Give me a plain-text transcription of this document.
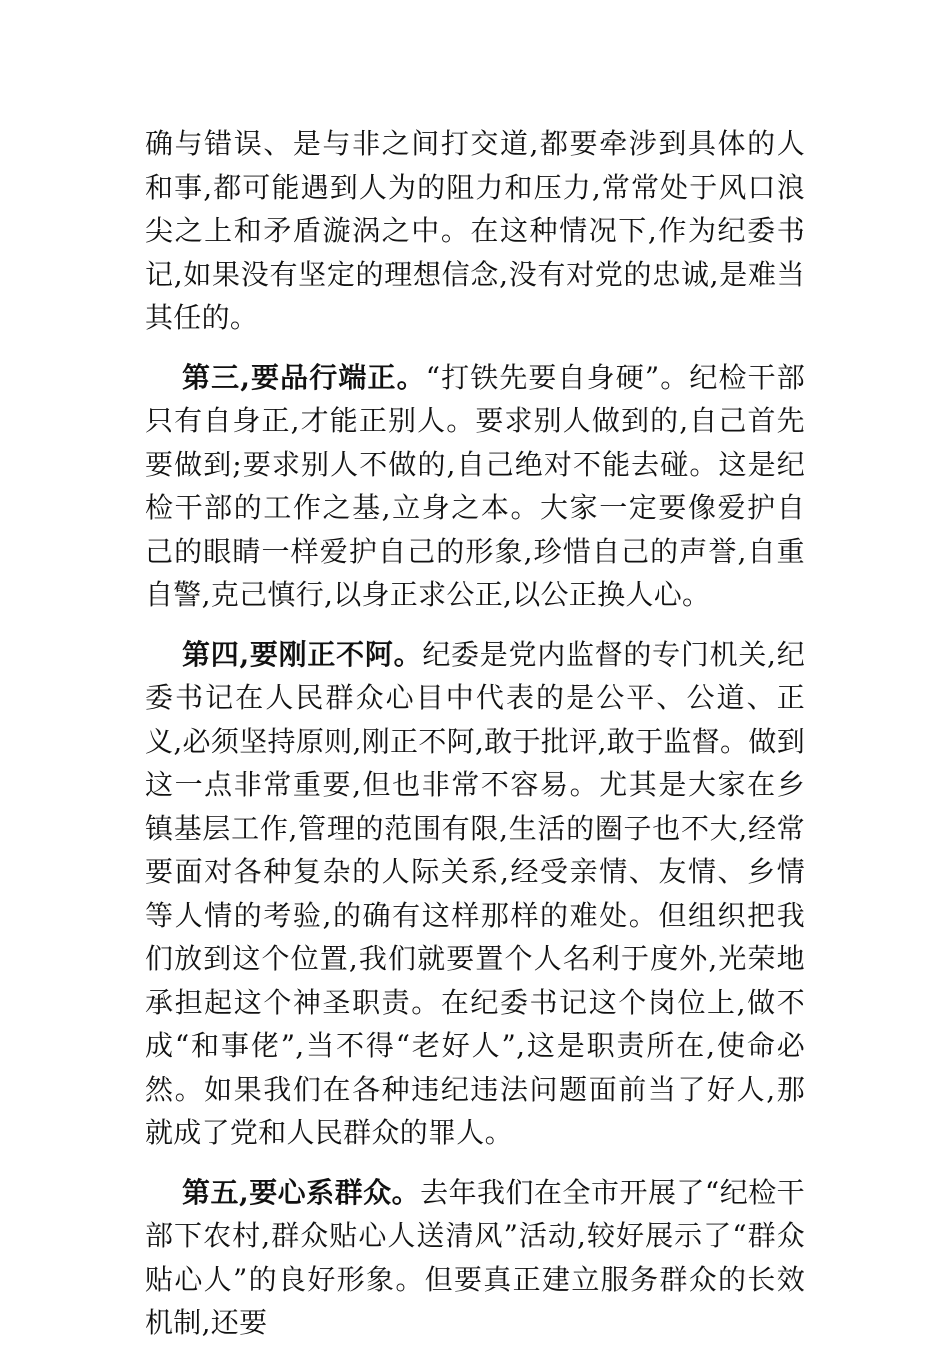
确与错误、是与非之间打交道,都要牵涉到具体的人和事,都可能遇到人为的阻力和压力,常常处于风口浪尖之上和矛盾漩涡之中。在这种情况下,作为纪委书记,如果没有坚定的理想信念,没有对党的忠诚,是难当其任的。

第三,要品行端正。“打铁先要自身硬”。纪检干部只有自身正,才能正别人。要求别人做到的,自己首先要做到;要求别人不做的,自己绝对不能去碰。这是纪检干部的工作之基,立身之本。大家一定要像爱护自己的眼睛一样爱护自己的形象,珍惜自己的声誉,自重自警,克己慎行,以身正求公正,以公正换人心。

第四,要刚正不阿。纪委是党内监督的专门机关,纪委书记在人民群众心目中代表的是公平、公道、正义,必须坚持原则,刚正不阿,敢于批评,敢于监督。做到这一点非常重要,但也非常不容易。尤其是大家在乡镇基层工作,管理的范围有限,生活的圈子也不大,经常要面对各种复杂的人际关系,经受亲情、友情、乡情等人情的考验,的确有这样那样的难处。但组织把我们放到这个位置,我们就要置个人名利于度外,光荣地承担起这个神圣职责。在纪委书记这个岗位上,做不成“和事佬”,当不得“老好人”,这是职责所在,使命必然。如果我们在各种违纪违法问题面前当了好人,那就成了党和人民群众的罪人。

第五,要心系群众。去年我们在全市开展了“纪检干部下农村,群众贴心人送清风”活动,较好展示了“群众贴心人”的良好形象。但要真正建立服务群众的长效机制,还要
